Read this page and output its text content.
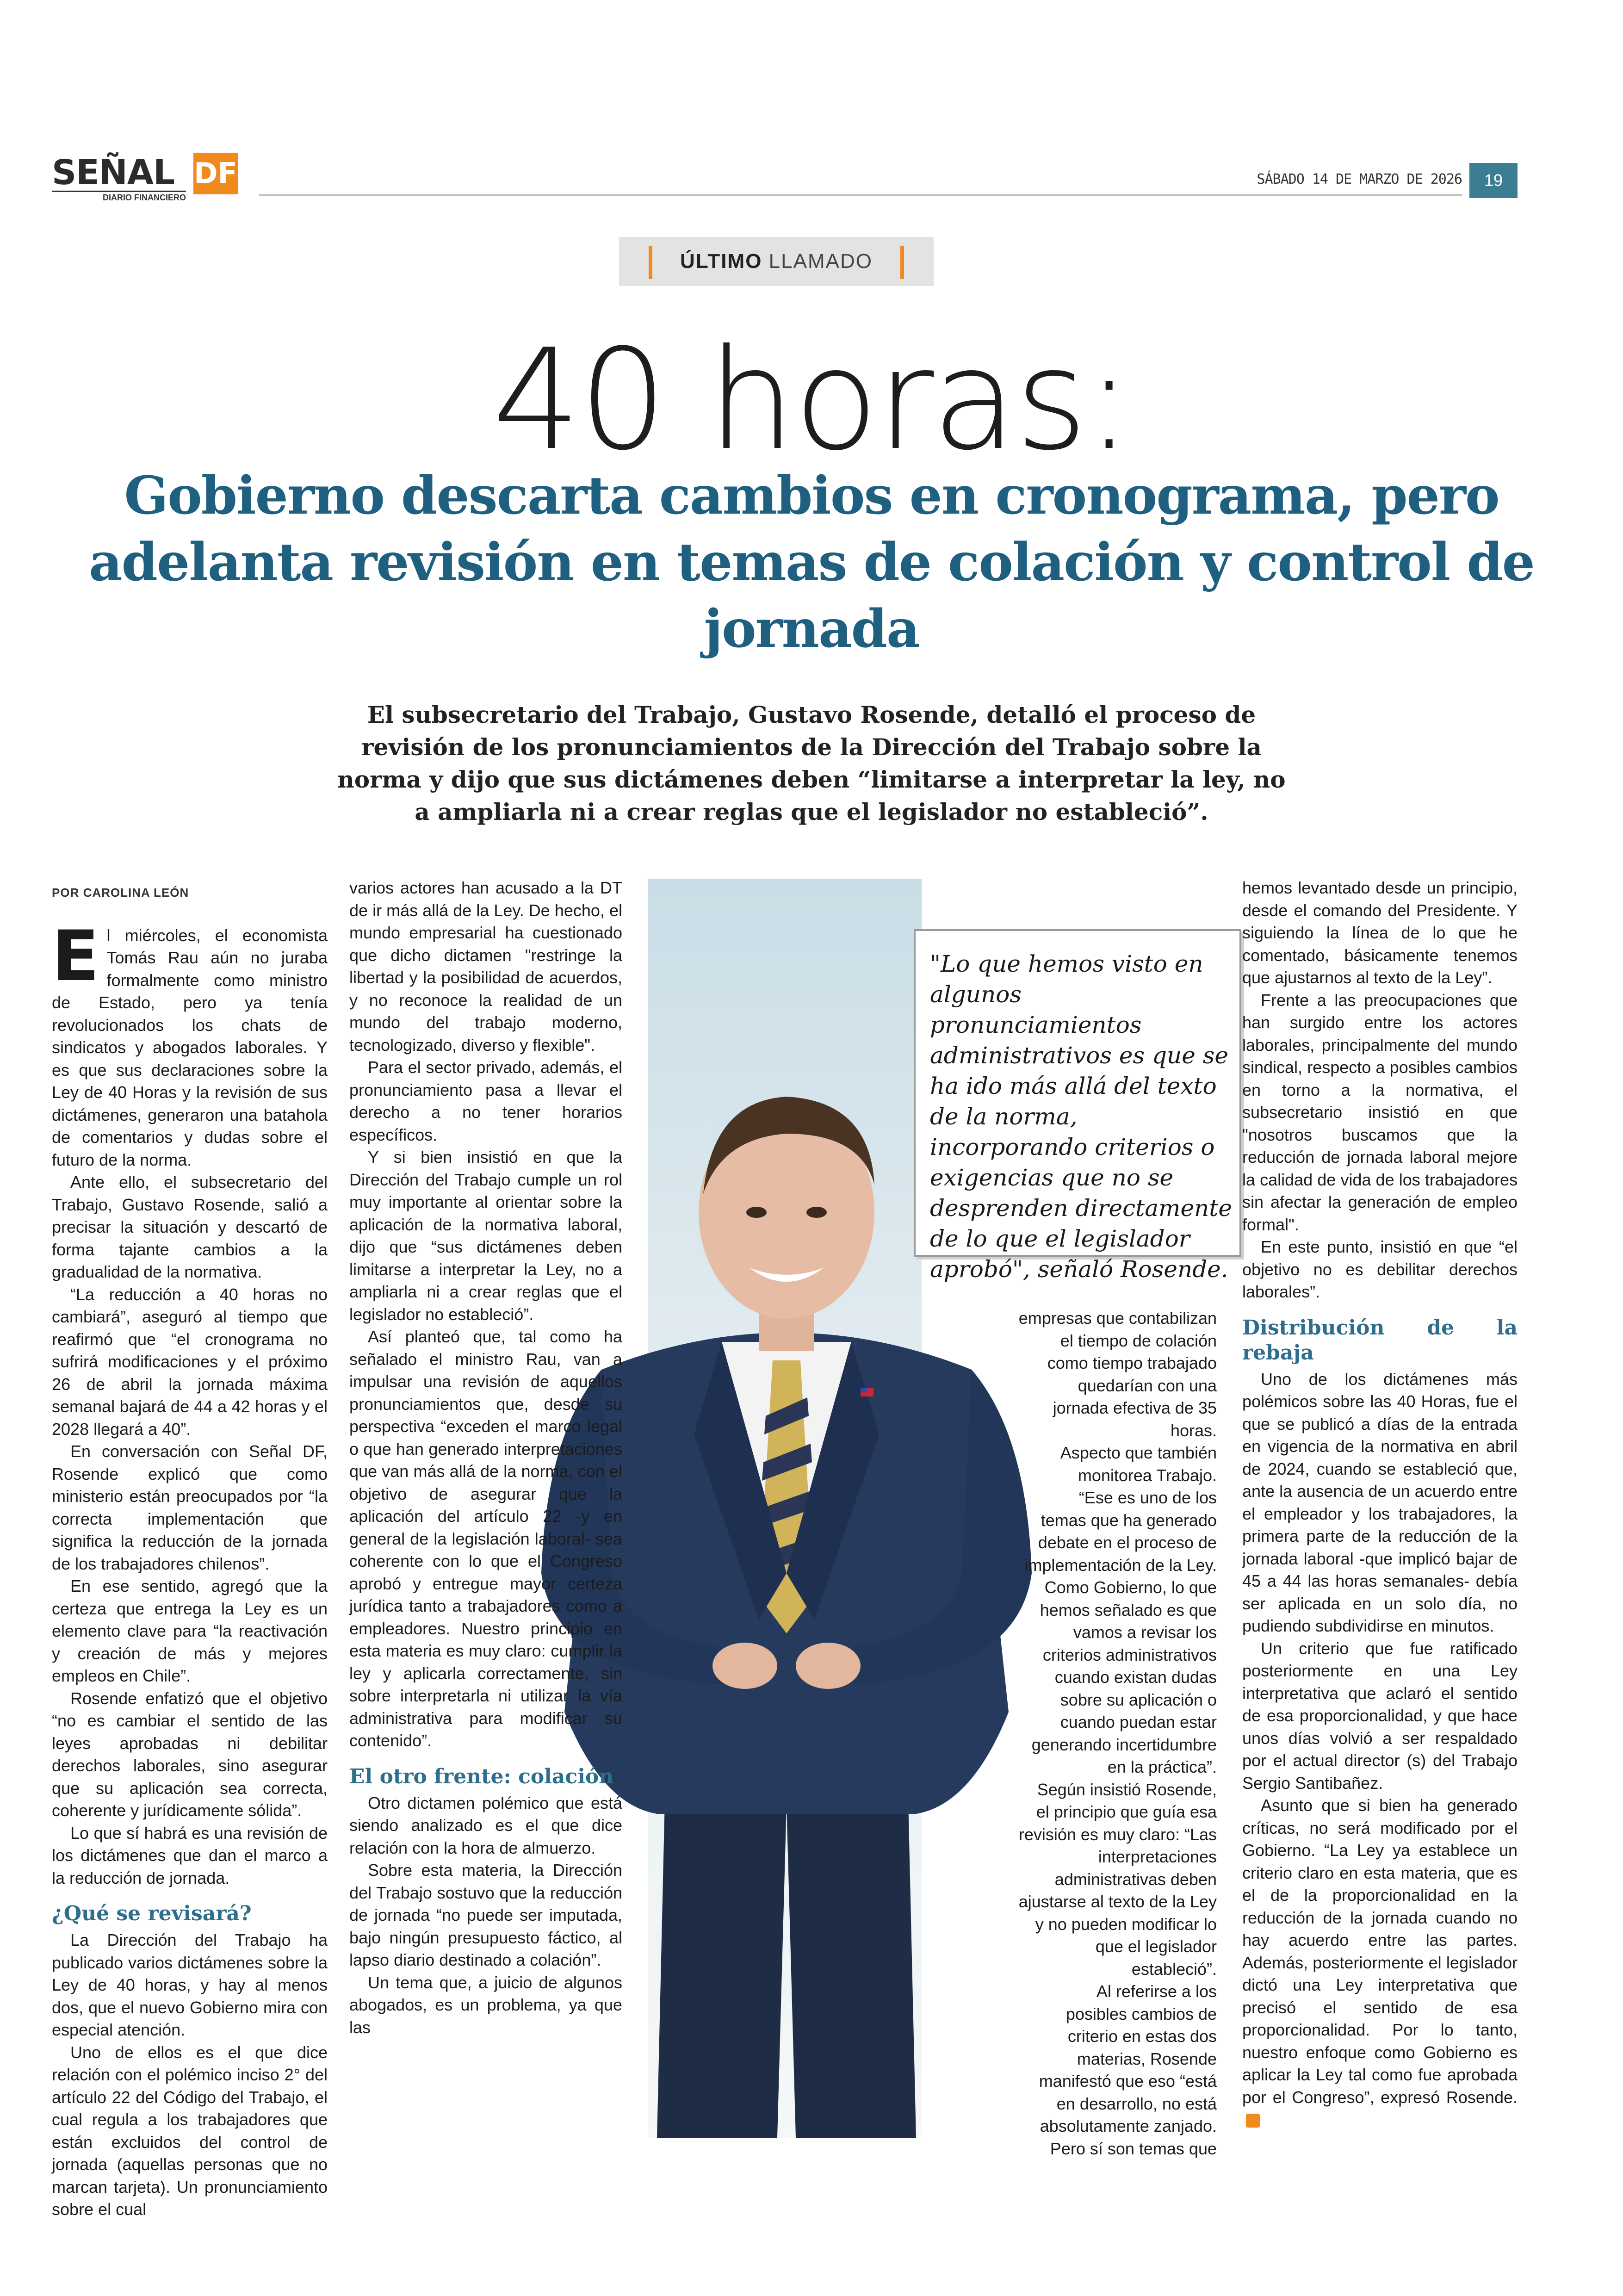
SEÑAL DF
DIARIO FINANCIERO
SÁBADO 14 DE MARZO DE 2026	19
ÚLTIMO LLAMADO
40 horas:
Gobierno descarta cambios en cronograma, pero adelanta revisión en temas de colación y control de jornada
El subsecretario del Trabajo, Gustavo Rosende, detalló el proceso de revisión de los pronunciamientos de la Dirección del Trabajo sobre la norma y dijo que sus dictámenes deben “limitarse a interpretar la ley, no a ampliarla ni a crear reglas que el legislador no estableció”.
"Lo que hemos visto en algunos pronunciamientos administrativos es que se ha ido más allá del texto de la norma, incorporando criterios o exigencias que no se desprenden directamente de lo que el legislador aprobó", señaló Rosende.
POR CAROLINA LEÓN

El miércoles, el economista Tomás Rau aún no juraba formalmente como ministro de Estado, pero ya tenía revolucionados los chats de sindicatos y abogados laborales. Y es que sus declaraciones sobre la Ley de 40 Horas y la revisión de sus dictámenes, generaron una batahola de comentarios y dudas sobre el futuro de la norma.

Ante ello, el subsecretario del Trabajo, Gustavo Rosende, salió a precisar la situación y descartó de forma tajante cambios a la gradualidad de la normativa.

“La reducción a 40 horas no cambiará”, aseguró al tiempo que reafirmó que “el cronograma no sufrirá modificaciones y el próximo 26 de abril la jornada máxima semanal bajará de 44 a 42 horas y el 2028 llegará a 40”.

En conversación con Señal DF, Rosende explicó que como ministerio están preocupados por “la correcta implementación que significa la reducción de la jornada de los trabajadores chilenos”.

En ese sentido, agregó que la certeza que entrega la Ley es un elemento clave para “la reactivación y creación de más y mejores empleos en Chile”.

Rosende enfatizó que el objetivo “no es cambiar el sentido de las leyes aprobadas ni debilitar derechos laborales, sino asegurar que su aplicación sea correcta, coherente y jurídicamente sólida”.

Lo que sí habrá es una revisión de los dictámenes que dan el marco a la reducción de jornada.

¿Qué se revisará?

La Dirección del Trabajo ha publicado varios dictámenes sobre la Ley de 40 horas, y hay al menos dos, que el nuevo Gobierno mira con especial atención.

Uno de ellos es el que dice relación con el polémico inciso 2° del artículo 22 del Código del Trabajo, el cual regula a los trabajadores que están excluidos del control de jornada (aquellas personas que no marcan tarjeta). Un pronunciamiento sobre el cual

varios actores han acusado a la DT de ir más allá de la Ley. De hecho, el mundo empresarial ha cuestionado que dicho dictamen "restringe la libertad y la posibilidad de acuerdos, y no reconoce la realidad de un mundo del trabajo moderno, tecnologizado, diverso y flexible".

Para el sector privado, además, el pronunciamiento pasa a llevar el derecho a no tener horarios específicos.

Y si bien insistió en que la Dirección del Trabajo cumple un rol muy importante al orientar sobre la aplicación de la normativa laboral, dijo que “sus dictámenes deben limitarse a interpretar la Ley, no a ampliarla ni a crear reglas que el legislador no estableció”.

Así planteó que, tal como ha señalado el ministro Rau, van a impulsar una revisión de aquellos pronunciamientos que, desde su perspectiva “exceden el marco legal o que han generado interpretaciones que van más allá de la norma, con el objetivo de asegurar que la aplicación del artículo 22 -y en general de la legislación laboral- sea coherente con lo que el Congreso aprobó y entregue mayor certeza jurídica tanto a trabajadores como a empleadores. Nuestro principio en esta materia es muy claro: cumplir la ley y aplicarla correctamente, sin sobre interpretarla ni utilizar la vía administrativa para modificar su contenido”.

El otro frente: colación

Otro dictamen polémico que está siendo analizado es el que dice relación con la hora de almuerzo.

Sobre esta materia, la Dirección del Trabajo sostuvo que la reducción de jornada “no puede ser imputada, bajo ningún presupuesto fáctico, al lapso diario destinado a colación”.

Un tema que, a juicio de algunos abogados, es un problema, ya que las

empresas que contabilizan el tiempo de colación como tiempo trabajado quedarían con una jornada efectiva de 35 horas.

Aspecto que también monitorea Trabajo.

“Ese es uno de los temas que ha generado debate en el proceso de implementación de la Ley. Como Gobierno, lo que hemos señalado es que vamos a revisar los criterios administrativos cuando existan dudas sobre su aplicación o cuando puedan estar generando incertidumbre en la práctica”.

Según insistió Rosende, el principio que guía esa revisión es muy claro: “Las interpretaciones administrativas deben ajustarse al texto de la Ley y no pueden modificar lo que el legislador estableció”.

Al referirse a los posibles cambios de criterio en estas dos materias, Rosende manifestó que eso “está en desarrollo, no está absolutamente zanjado. Pero sí son temas que

hemos levantado desde un principio, desde el comando del Presidente. Y siguiendo la línea de lo que he comentado, básicamente tenemos que ajustarnos al texto de la Ley”.

Frente a las preocupaciones que han surgido entre los actores laborales, principalmente del mundo sindical, respecto a posibles cambios en torno a la normativa, el subsecretario insistió en que "nosotros buscamos que la reducción de jornada laboral mejore la calidad de vida de los trabajadores sin afectar la generación de empleo formal".

En este punto, insistió en que “el objetivo no es debilitar derechos laborales”.

Distribución de la rebaja

Uno de los dictámenes más polémicos sobre las 40 Horas, fue el que se publicó a días de la entrada en vigencia de la normativa en abril de 2024, cuando se estableció que, ante la ausencia de un acuerdo entre el empleador y los trabajadores, la primera parte de la reducción de la jornada laboral -que implicó bajar de 45 a 44 las horas semanales- debía ser aplicada en un solo día, no pudiendo subdividirse en minutos.

Un criterio que fue ratificado posteriormente en una Ley interpretativa que aclaró el sentido de esa proporcionalidad, y que hace unos días volvió a ser respaldado por el actual director (s) del Trabajo Sergio Santibañez.

Asunto que si bien ha generado críticas, no será modificado por el Gobierno. “La Ley ya establece un criterio claro en esta materia, que es el de la proporcionalidad en la reducción de la jornada cuando no hay acuerdo entre las partes. Además, posteriormente el legislador dictó una Ley interpretativa que precisó el sentido de esa proporcionalidad. Por lo tanto, nuestro enfoque como Gobierno es aplicar la Ley tal como fue aprobada por el Congreso”, expresó Rosende.
